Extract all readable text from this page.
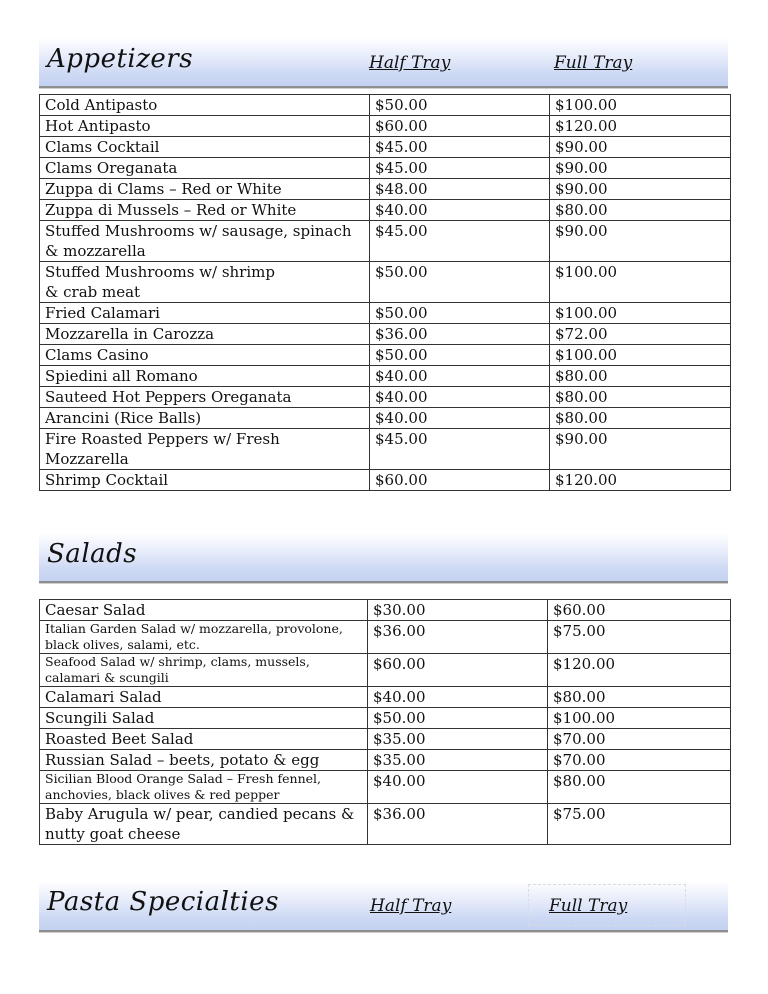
Appetizers	Half Tray	Full Tray
Cold Antipasto	$50.00	$100.00
Hot Antipasto	$60.00	$120.00
Clams Cocktail	$45.00	$90.00
Clams Oreganata	$45.00	$90.00
Zuppa di Clams – Red or White	$48.00	$90.00
Zuppa di Mussels – Red or White	$40.00	$80.00
Stuffed Mushrooms w/ sausage, spinach & mozzarella	$45.00	$90.00
Stuffed Mushrooms w/ shrimp
& crab meat	$50.00	$100.00
Fried Calamari	$50.00	$100.00
Mozzarella in Carozza	$36.00	$72.00
Clams Casino	$50.00	$100.00
Spiedini all Romano	$40.00	$80.00
Sauteed Hot Peppers Oreganata	$40.00	$80.00
Arancini (Rice Balls)	$40.00	$80.00
Fire Roasted Peppers w/ Fresh Mozzarella	$45.00	$90.00
Shrimp Cocktail	$60.00	$120.00
Salads
Caesar Salad	$30.00	$60.00
Italian Garden Salad w/ mozzarella, provolone, black olives, salami, etc.	$36.00	$75.00
Seafood Salad w/ shrimp, clams, mussels, calamari & scungili	$60.00	$120.00
Calamari Salad	$40.00	$80.00
Scungili Salad	$50.00	$100.00
Roasted Beet Salad	$35.00	$70.00
Russian Salad – beets, potato & egg	$35.00	$70.00
Sicilian Blood Orange Salad – Fresh fennel, anchovies, black olives & red pepper	$40.00	$80.00
Baby Arugula w/ pear, candied pecans & nutty goat cheese	$36.00	$75.00
Pasta Specialties	Half Tray	Full Tray
